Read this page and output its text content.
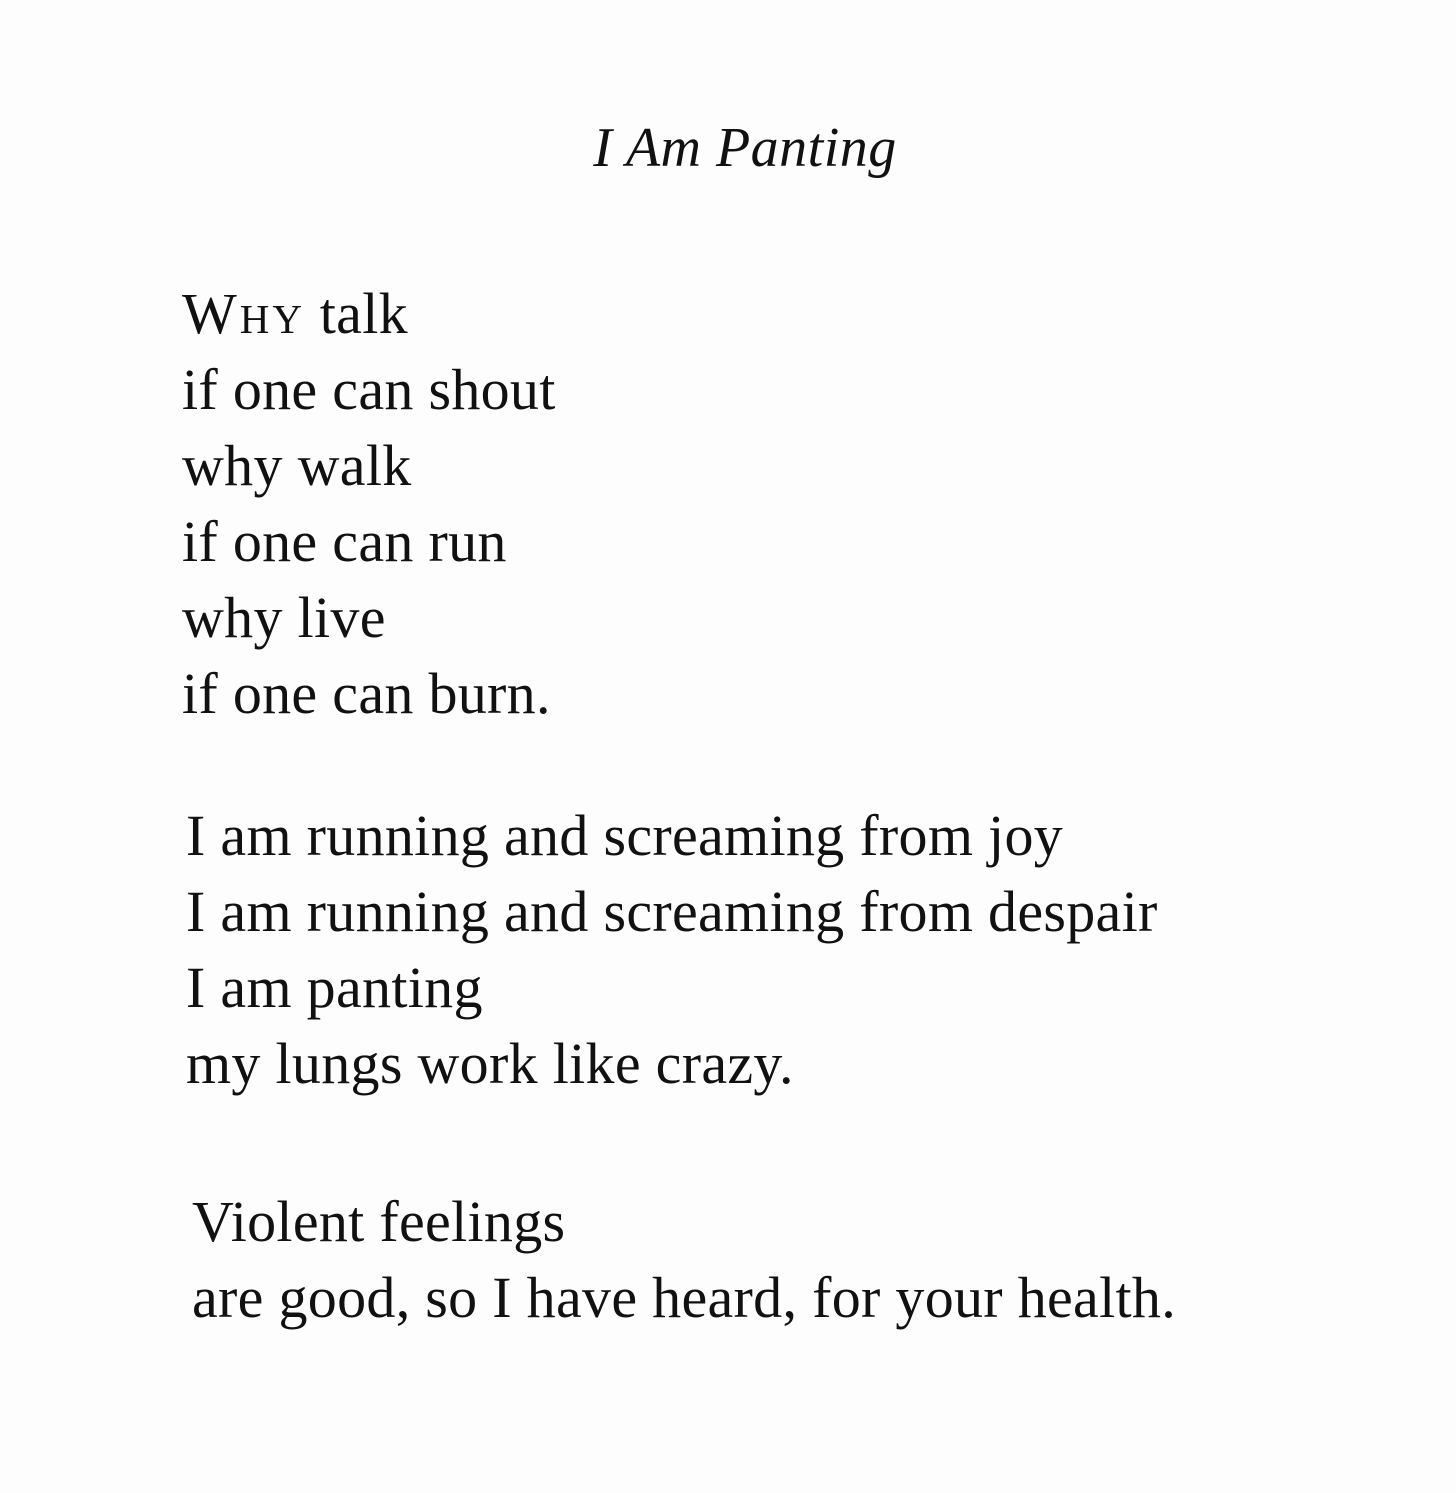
I Am Panting
Why talk
if one can shout
why walk
if one can run
why live
if one can burn.
I am running and screaming from joy
I am running and screaming from despair
I am panting
my lungs work like crazy.
Violent feelings
are good, so I have heard, for your health.
